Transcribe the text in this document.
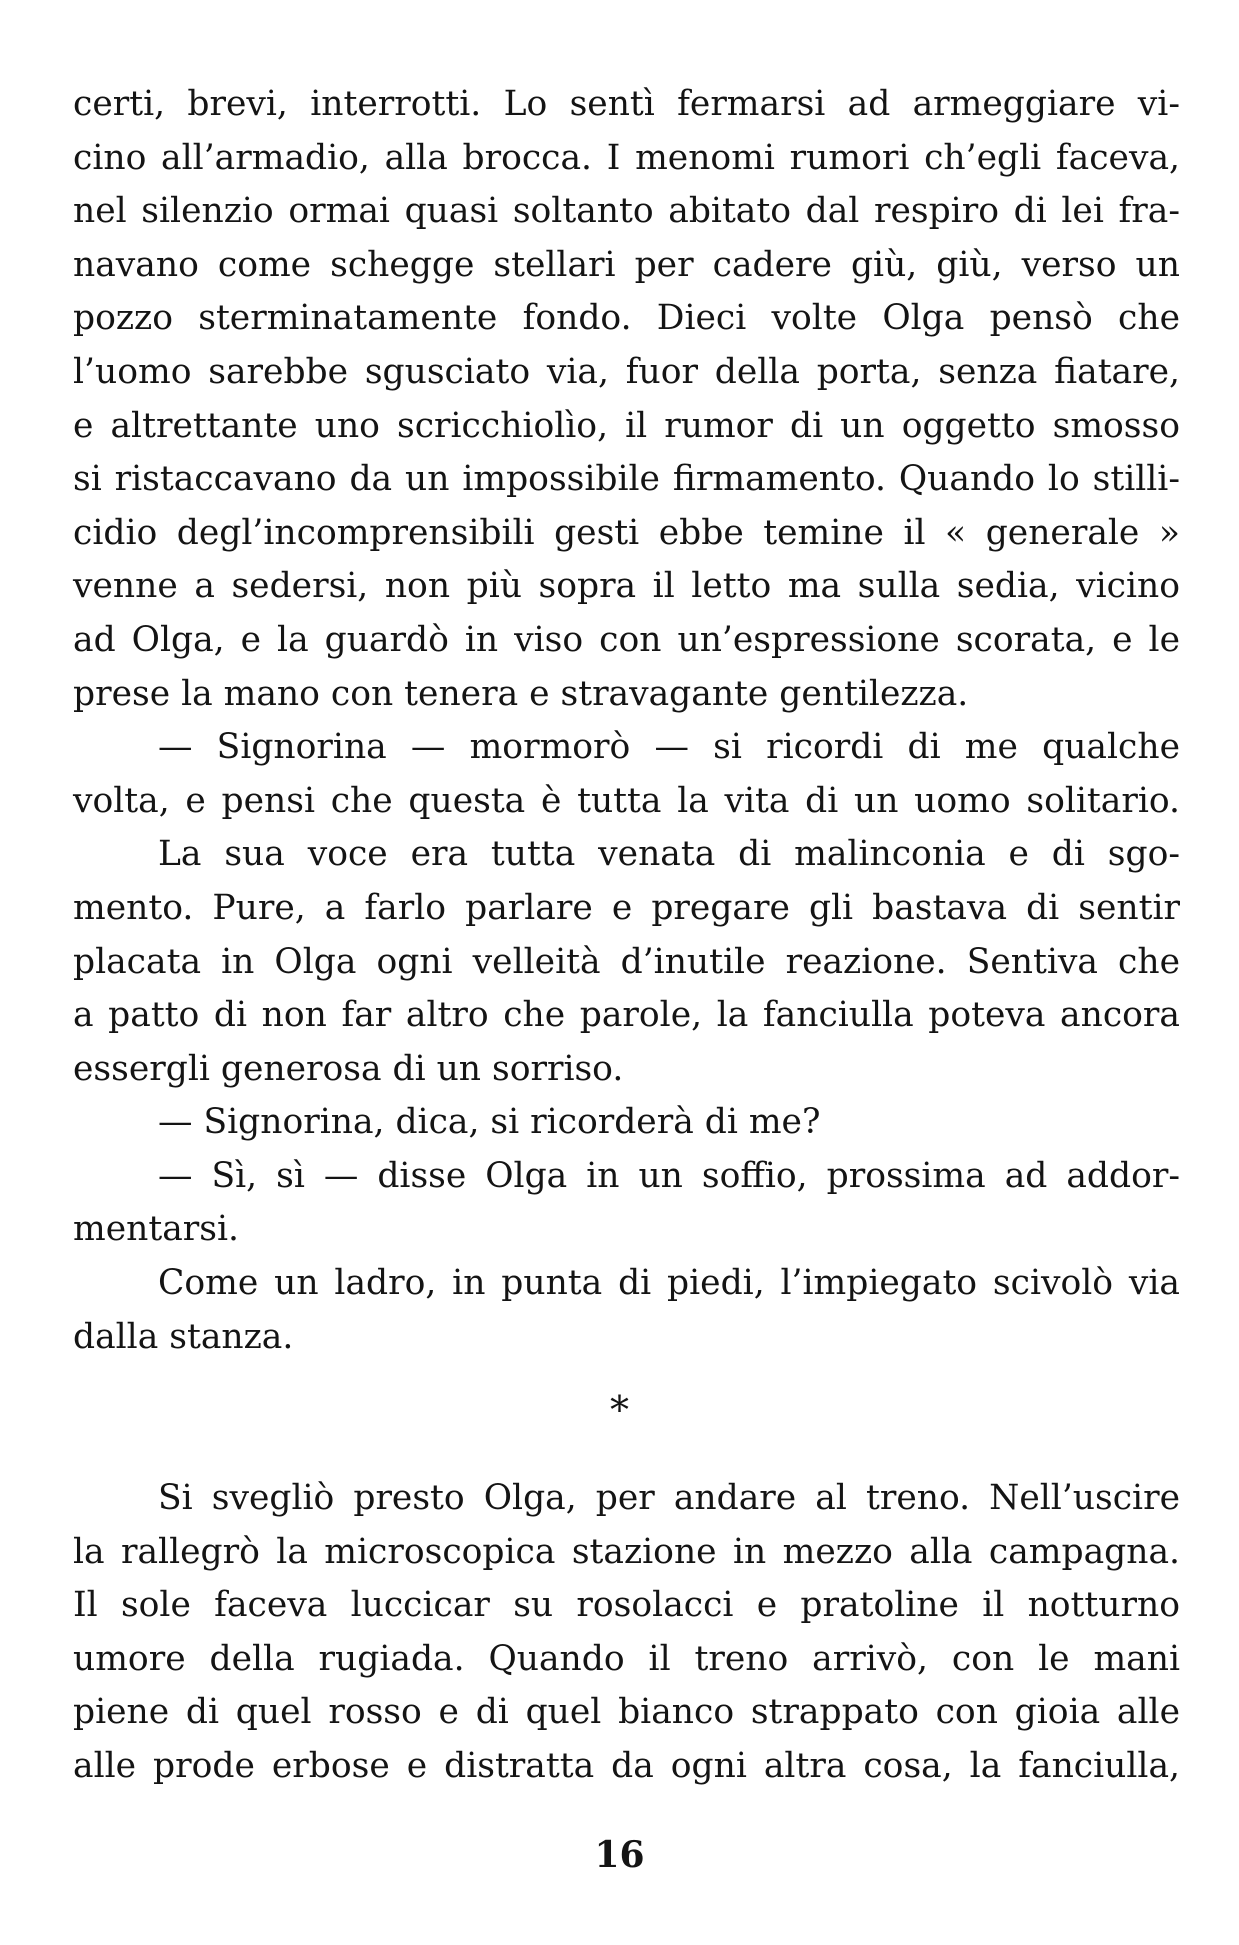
certi, brevi, interrotti. Lo sentì fermarsi ad armeggiare vi-
cino all’armadio, alla brocca. I menomi rumori ch’egli faceva,
nel silenzio ormai quasi soltanto abitato dal respiro di lei fra-
navano come schegge stellari per cadere giù, giù, verso un
pozzo sterminatamente fondo. Dieci volte Olga pensò che
l’uomo sarebbe sgusciato via, fuor della porta, senza fiatare,
e altrettante uno scricchiolìo, il rumor di un oggetto smosso
si ristaccavano da un impossibile firmamento. Quando lo stilli-
cidio degl’incomprensibili gesti ebbe temine il « generale »
venne a sedersi, non più sopra il letto ma sulla sedia, vicino
ad Olga, e la guardò in viso con un’espressione scorata, e le
prese la mano con tenera e stravagante gentilezza.
— Signorina — mormorò — si ricordi di me qualche
volta, e pensi che questa è tutta la vita di un uomo solitario.
La sua voce era tutta venata di malinconia e di sgo-
mento. Pure, a farlo parlare e pregare gli bastava di sentir
placata in Olga ogni velleità d’inutile reazione. Sentiva che
a patto di non far altro che parole, la fanciulla poteva ancora
essergli generosa di un sorriso.
— Signorina, dica, si ricorderà di me?
— Sì, sì — disse Olga in un soffio, prossima ad addor-
mentarsi.
Come un ladro, in punta di piedi, l’impiegato scivolò via
dalla stanza.
*
Si svegliò presto Olga, per andare al treno. Nell’uscire
la rallegrò la microscopica stazione in mezzo alla campagna.
Il sole faceva luccicar su rosolacci e pratoline il notturno
umore della rugiada. Quando il treno arrivò, con le mani
piene di quel rosso e di quel bianco strappato con gioia alle
alle prode erbose e distratta da ogni altra cosa, la fanciulla,
16
